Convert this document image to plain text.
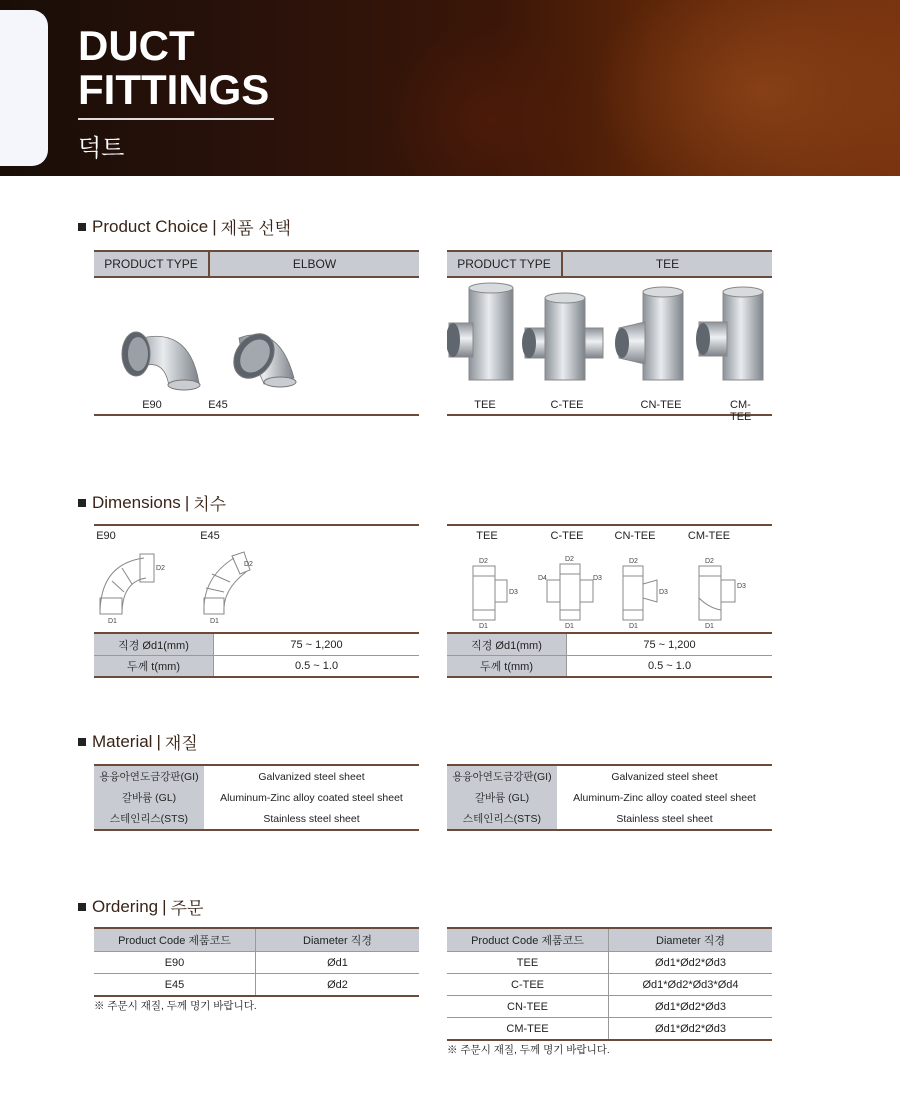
DUCT
FITTINGS
덕트
Product Choice | 제품 선택
PRODUCT TYPE	ELBOW
E90	E45
PRODUCT TYPE	TEE
TEE	C-TEE	CN-TEE	CM-TEE
Dimensions | 치수
E90	E45
D2
D1
D2
D1
직경 Ød1(mm)	75 ~ 1,200
두께 t(mm)	0.5 ~ 1.0
TEE	C-TEE	CN-TEE	CM-TEE
D2
D3
D1
D2
D4	D3
D1
D2
D3
D1
D2
D3
D1
직경 Ød1(mm)	75 ~ 1,200
두께 t(mm)	0.5 ~ 1.0
Material | 재질
용융아연도금강판(GI)	Galvanized steel sheet
갈바륨 (GL)	Aluminum-Zinc alloy coated steel sheet
스테인리스(STS)	Stainless steel sheet
용융아연도금강판(GI)	Galvanized steel sheet
갈바륨 (GL)	Aluminum-Zinc alloy coated steel sheet
스테인리스(STS)	Stainless steel sheet
Ordering | 주문
Product Code 제품코드	Diameter 직경
E90	Ød1
E45	Ød2
※ 주문시 재질, 두께 명기 바랍니다.
Product Code 제품코드	Diameter 직경
TEE	Ød1*Ød2*Ød3
C-TEE	Ød1*Ød2*Ød3*Ød4
CN-TEE	Ød1*Ød2*Ød3
CM-TEE	Ød1*Ød2*Ød3
※ 주문시 재질, 두께 명기 바랍니다.
